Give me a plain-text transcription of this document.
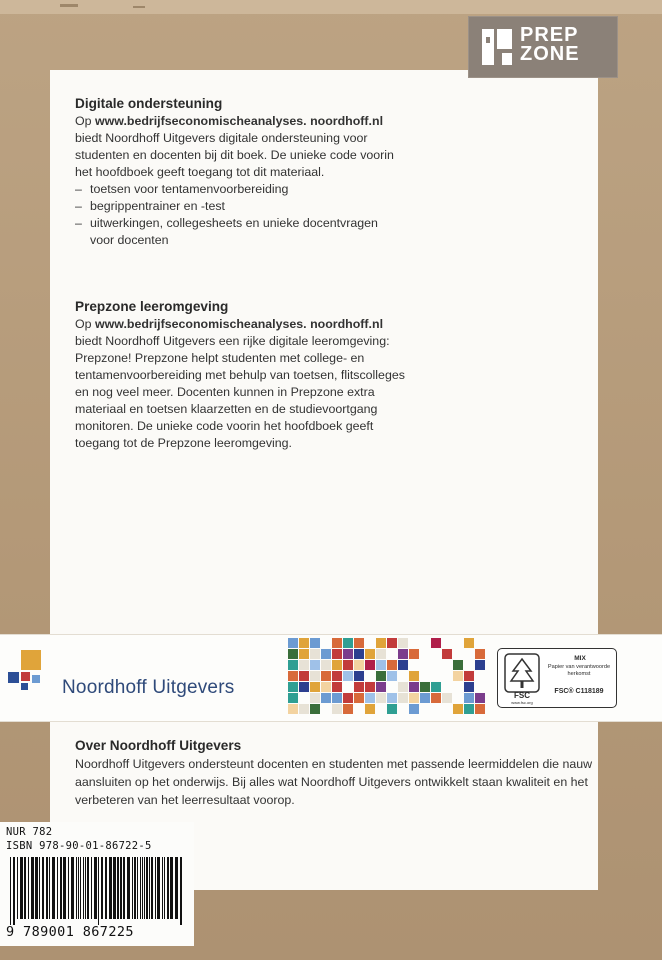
PREP
ZONE
Digitale ondersteuning

Op www.bedrijfseconomischeanalyses. noordhoff.nl biedt Noordhoff Uitgevers digitale ondersteuning voor studenten en docenten bij dit boek. De unieke code voorin het hoofdboek geeft toegang tot dit materiaal.

– toetsen voor tentamenvoorbereiding
– begrippentrainer en -test
– uitwerkingen, collegesheets en unieke docentvragen voor docenten
Prepzone leeromgeving

Op www.bedrijfseconomischeanalyses. noordhoff.nl biedt Noordhoff Uitgevers een rijke digitale leeromgeving: Prepzone! Prepzone helpt studenten met college- en tentamenvoorbereiding met behulp van toetsen, flitscolleges en nog veel meer. Docenten kunnen in Prepzone extra materiaal en toetsen klaarzetten en de studievoortgang monitoren. De unieke code voorin het hoofdboek geeft toegang tot de Prepzone leeromgeving.

Noordhoff Uitgevers	FSC
www.fsc.org
MIX
Papier van verantwoorde herkomst
FSC® C118189
Over Noordhoff Uitgevers

Noordhoff Uitgevers ondersteunt docenten en studenten met passende leermiddelen die nauw aansluiten op het onderwijs. Bij alles wat Noordhoff Uitgevers ontwikkelt staan kwaliteit en het verbeteren van het leerresultaat voorop.

NUR 782
ISBN 978-90-01-86722-5
9 789001 867225
